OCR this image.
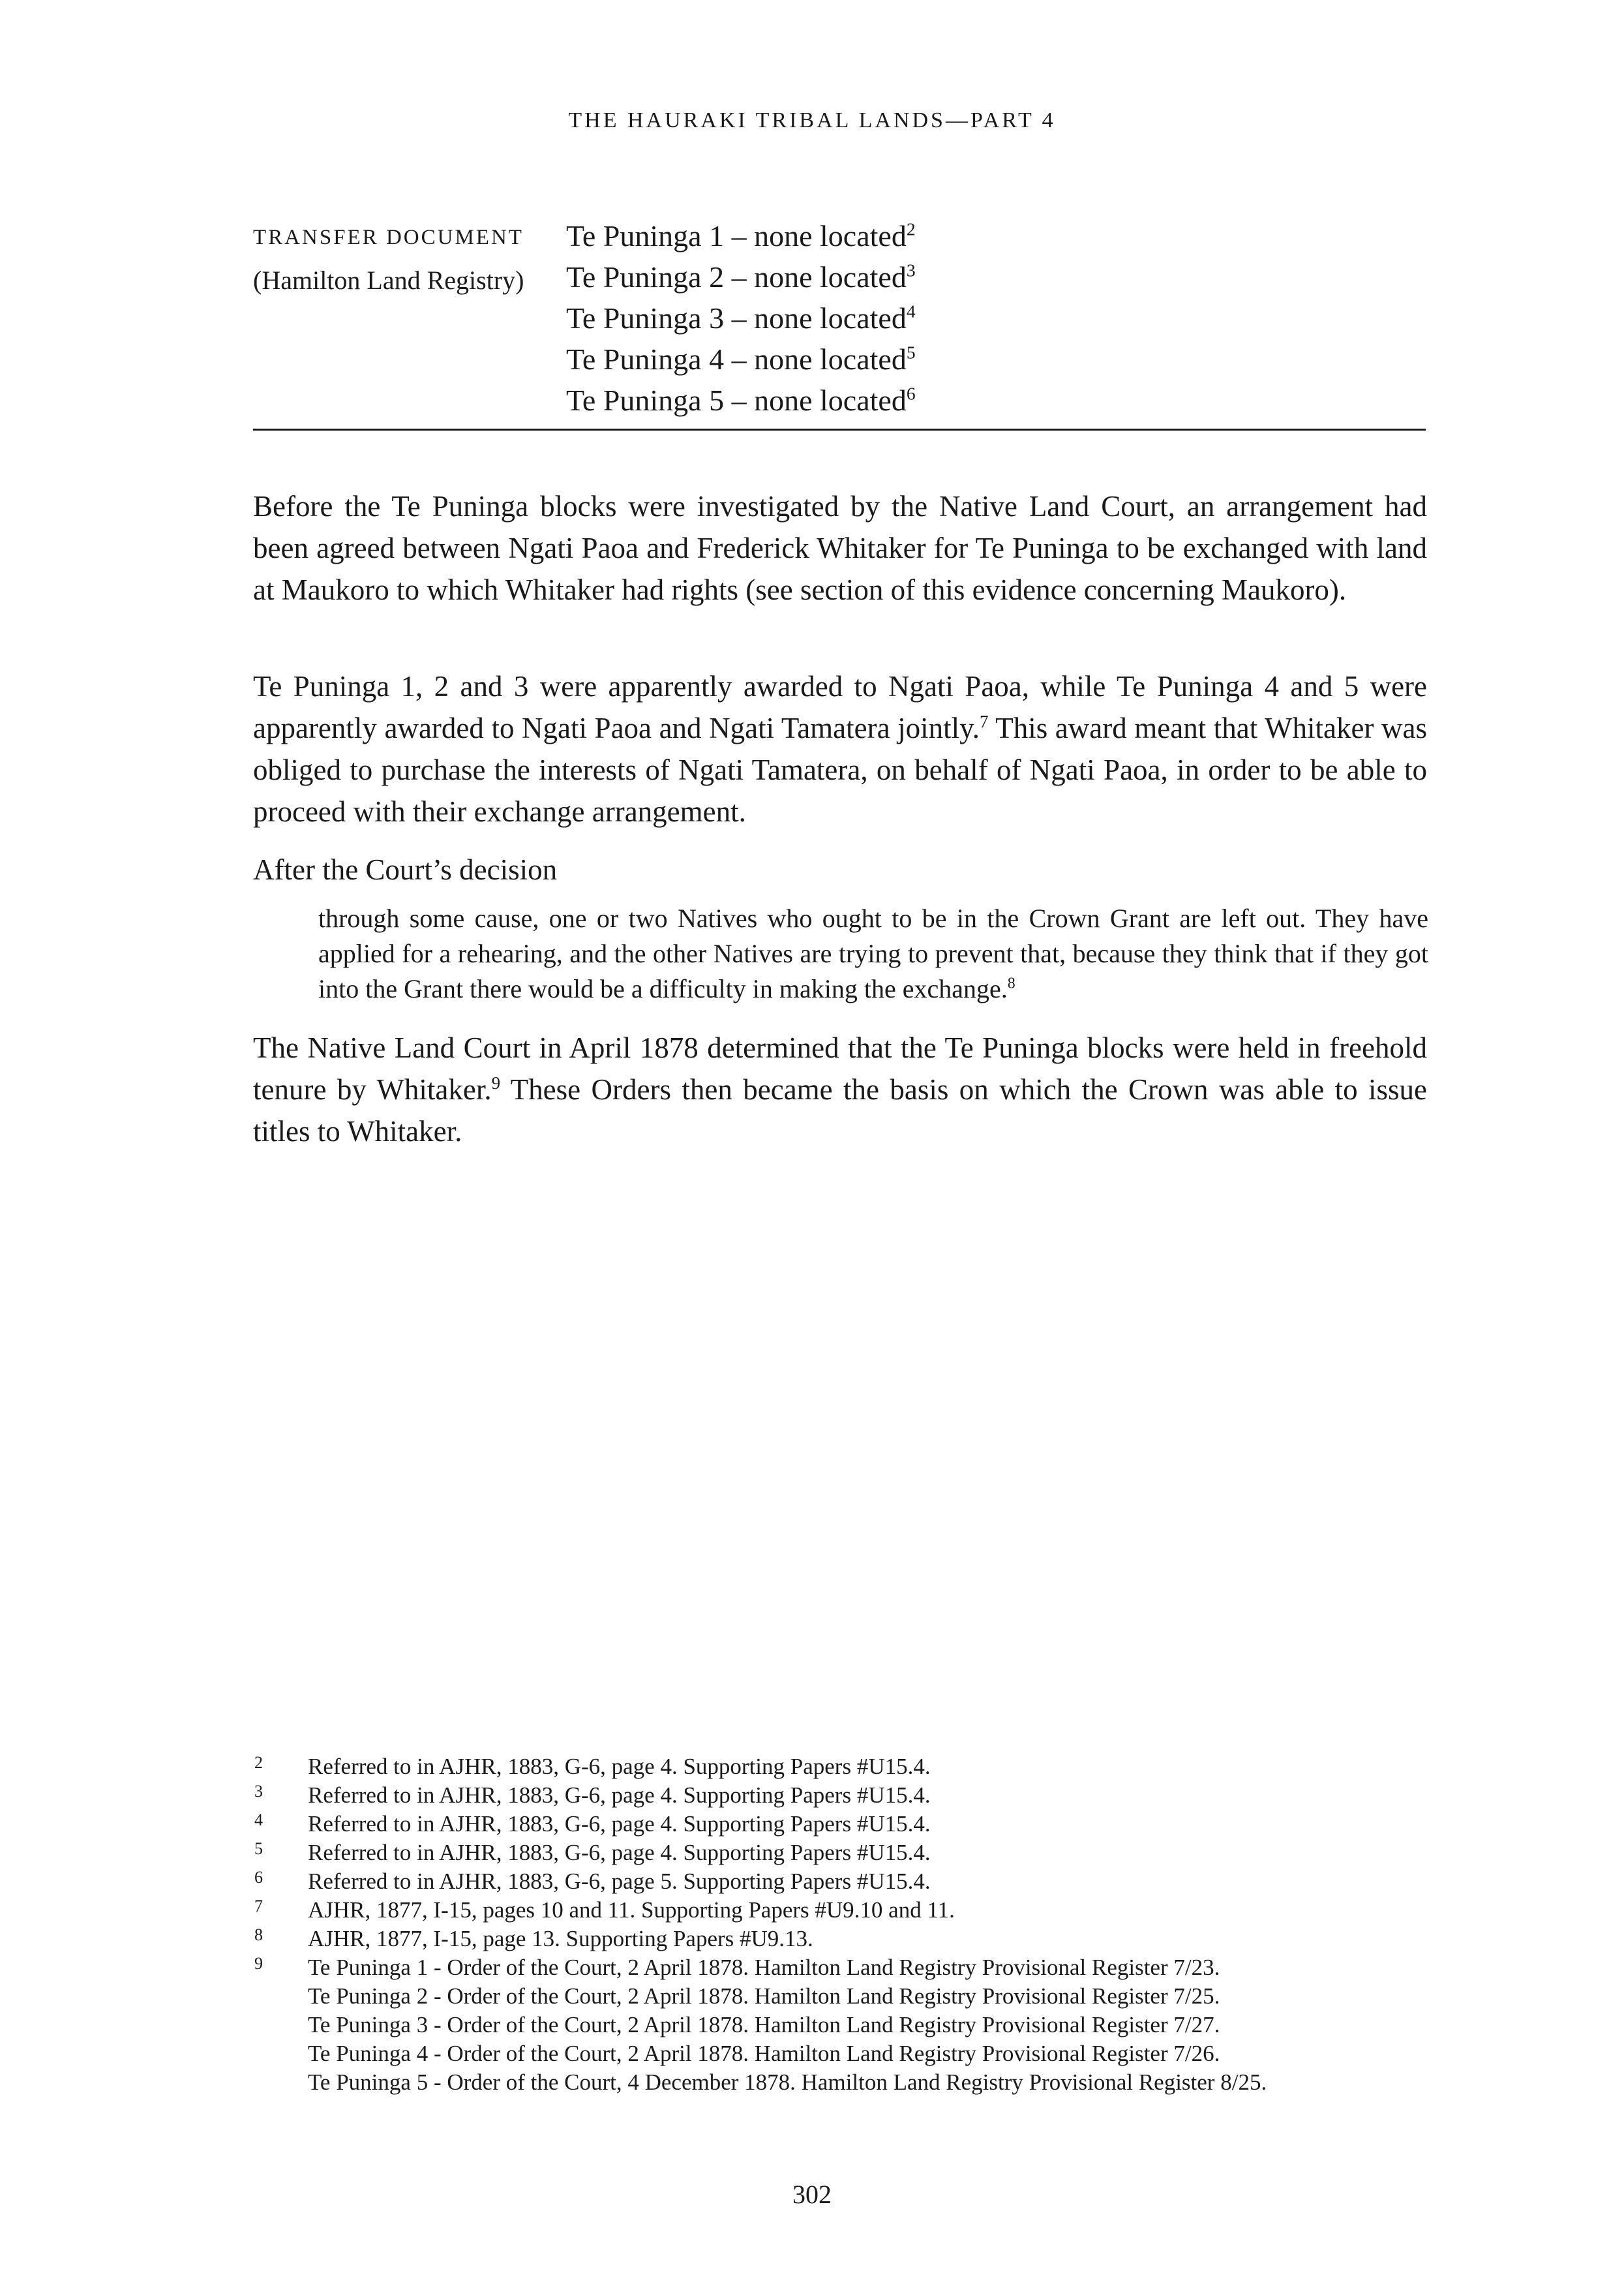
THE HAURAKI TRIBAL LANDS—PART 4
TRANSFER DOCUMENT
(Hamilton Land Registry)
Te Puninga 1 – none located$^2$
Te Puninga 2 – none located$^3$
Te Puninga 3 – none located$^4$
Te Puninga 4 – none located$^5$
Te Puninga 5 – none located$^6$

Before the Te Puninga blocks were investigated by the Native Land Court, an arrangement had been agreed between Ngati Paoa and Frederick Whitaker for Te Puninga to be exchanged with land at Maukoro to which Whitaker had rights (see section of this evidence concerning Maukoro).

Te Puninga 1, 2 and 3 were apparently awarded to Ngati Paoa, while Te Puninga 4 and 5 were apparently awarded to Ngati Paoa and Ngati Tamatera jointly.$^7$ This award meant that Whitaker was obliged to purchase the interests of Ngati Tamatera, on behalf of Ngati Paoa, in order to be able to proceed with their exchange arrangement.

After the Court’s decision

through some cause, one or two Natives who ought to be in the Crown Grant are left out. They have applied for a rehearing, and the other Natives are trying to prevent that, because they think that if they got into the Grant there would be a difficulty in making the exchange.$^8$

The Native Land Court in April 1878 determined that the Te Puninga blocks were held in freehold tenure by Whitaker.$^9$ These Orders then became the basis on which the Crown was able to issue titles to Whitaker.

2 Referred to in AJHR, 1883, G-6, page 4. Supporting Papers #U15.4.
3 Referred to in AJHR, 1883, G-6, page 4. Supporting Papers #U15.4.
4 Referred to in AJHR, 1883, G-6, page 4. Supporting Papers #U15.4.
5 Referred to in AJHR, 1883, G-6, page 4. Supporting Papers #U15.4.
6 Referred to in AJHR, 1883, G-6, page 5. Supporting Papers #U15.4.
7 AJHR, 1877, I-15, pages 10 and 11. Supporting Papers #U9.10 and 11.
8 AJHR, 1877, I-15, page 13. Supporting Papers #U9.13.
9 Te Puninga 1 - Order of the Court, 2 April 1878. Hamilton Land Registry Provisional Register 7/23.
Te Puninga 2 - Order of the Court, 2 April 1878. Hamilton Land Registry Provisional Register 7/25.
Te Puninga 3 - Order of the Court, 2 April 1878. Hamilton Land Registry Provisional Register 7/27.
Te Puninga 4 - Order of the Court, 2 April 1878. Hamilton Land Registry Provisional Register 7/26.
Te Puninga 5 - Order of the Court, 4 December 1878. Hamilton Land Registry Provisional Register 8/25.
302
